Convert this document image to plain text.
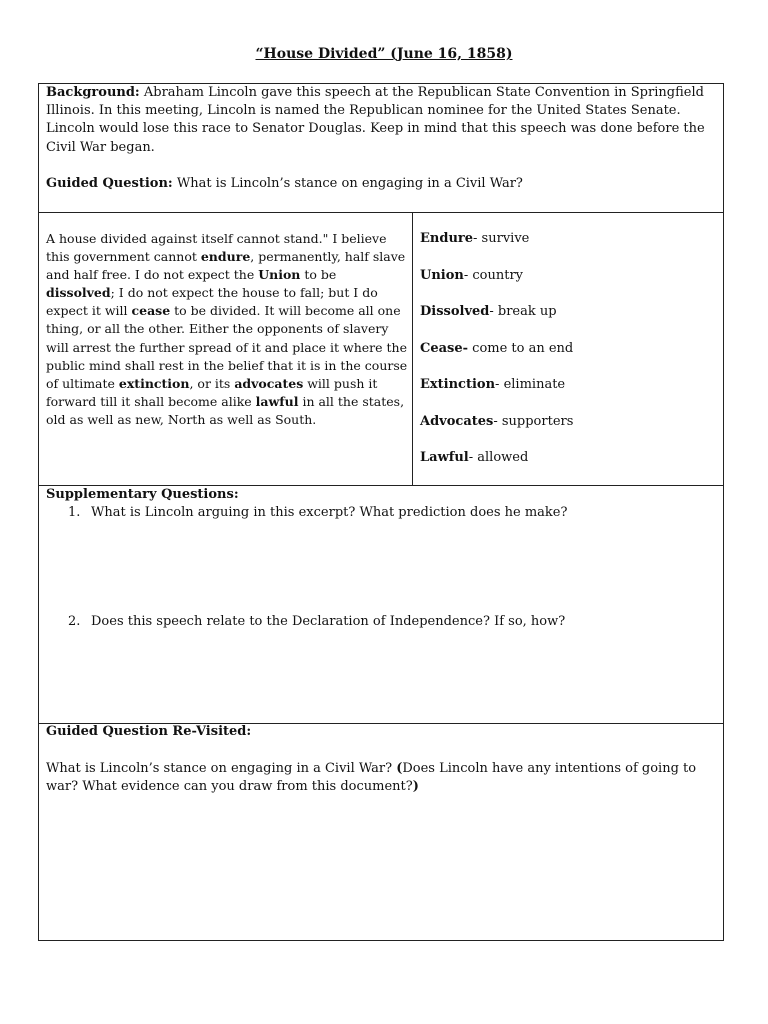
“House Divided” (June 16, 1858)
Background: Abraham Lincoln gave this speech at the Republican State Convention in Springfield Illinois. In this meeting, Lincoln is named the Republican nominee for the United States Senate. Lincoln would lose this race to Senator Douglas. Keep in mind that this speech was done before the Civil War began.
Guided Question: What is Lincoln’s stance on engaging in a Civil War?
A house divided against itself cannot stand." I believe this government cannot endure, permanently, half slave and half free. I do not expect the Union to be dissolved; I do not expect the house to fall; but I do expect it will cease to be divided. It will become all one thing, or all the other. Either the opponents of slavery will arrest the further spread of it and place it where the public mind shall rest in the belief that it is in the course of ultimate extinction, or its advocates will push it forward till it shall become alike lawful in all the states, old as well as new, North as well as South.
Endure- survive
Union- country
Dissolved- break up
Cease- come to an end
Extinction- eliminate
Advocates- supporters
Lawful- allowed
Supplementary Questions:
1. What is Lincoln arguing in this excerpt? What prediction does he make?
2. Does this speech relate to the Declaration of Independence? If so, how?
Guided Question Re-Visited:
What is Lincoln’s stance on engaging in a Civil War? (Does Lincoln have any intentions of going to war? What evidence can you draw from this document?)
